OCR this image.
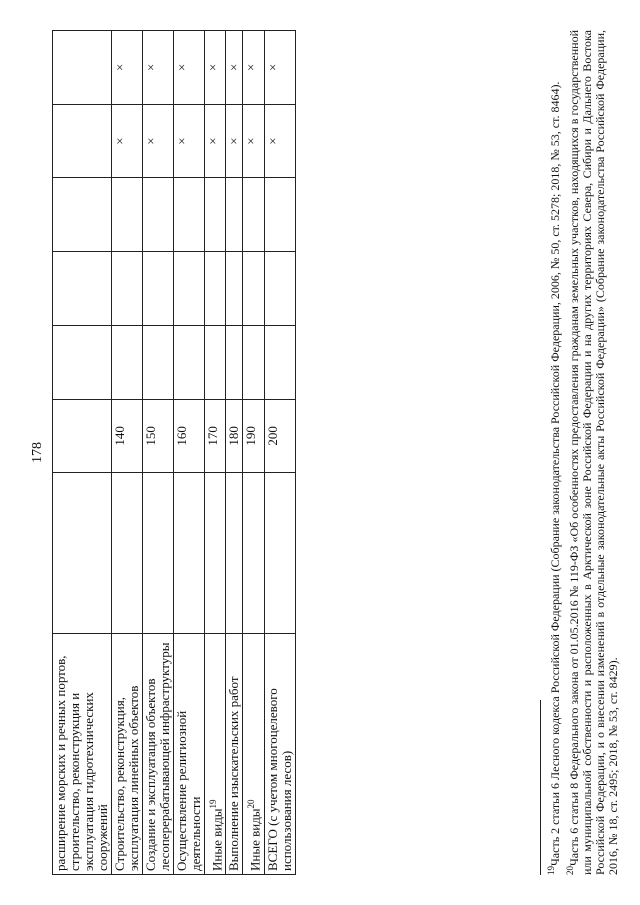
178
расширение морских и речных портов, строительство, реконструкция и эксплуатация гидротехнических сооружений							
Строительство, реконструкция, эксплуатация линейных объектов		140				×	×
Создание и эксплуатация объектов лесоперерабатывающей инфраструктуры		150				×	×
Осуществление религиозной деятельности		160				×	×
Иные виды$^{19}$		170				×	×
Выполнение изыскательских работ		180				×	×
Иные виды$^{20}$		190				×	×
ВСЕГО (с учетом многоцелевого использования лесов)		200				×	×

$^{19}$Часть 2 статьи 6 Лесного кодекса Российской Федерации (Собрание законодательства Российской Федерации, 2006, № 50, ст. 5278; 2018, № 53, ст. 8464).

$^{20}$Часть 6 статьи 8 Федерального закона от 01.05.2016 № 119-ФЗ «Об особенностях предоставления гражданам земельных участков, находящихся в государственной или муниципальной собственности и расположенных в Арктической зоне Российской Федерации и на других территориях Севера, Сибири и Дальнего Востока Российской Федерации, и о внесении изменений в отдельные законодательные акты Российской Федерации» (Собрание законодательства Российской Федерации, 2016, № 18, ст. 2495; 2018, № 53, ст. 8429).
